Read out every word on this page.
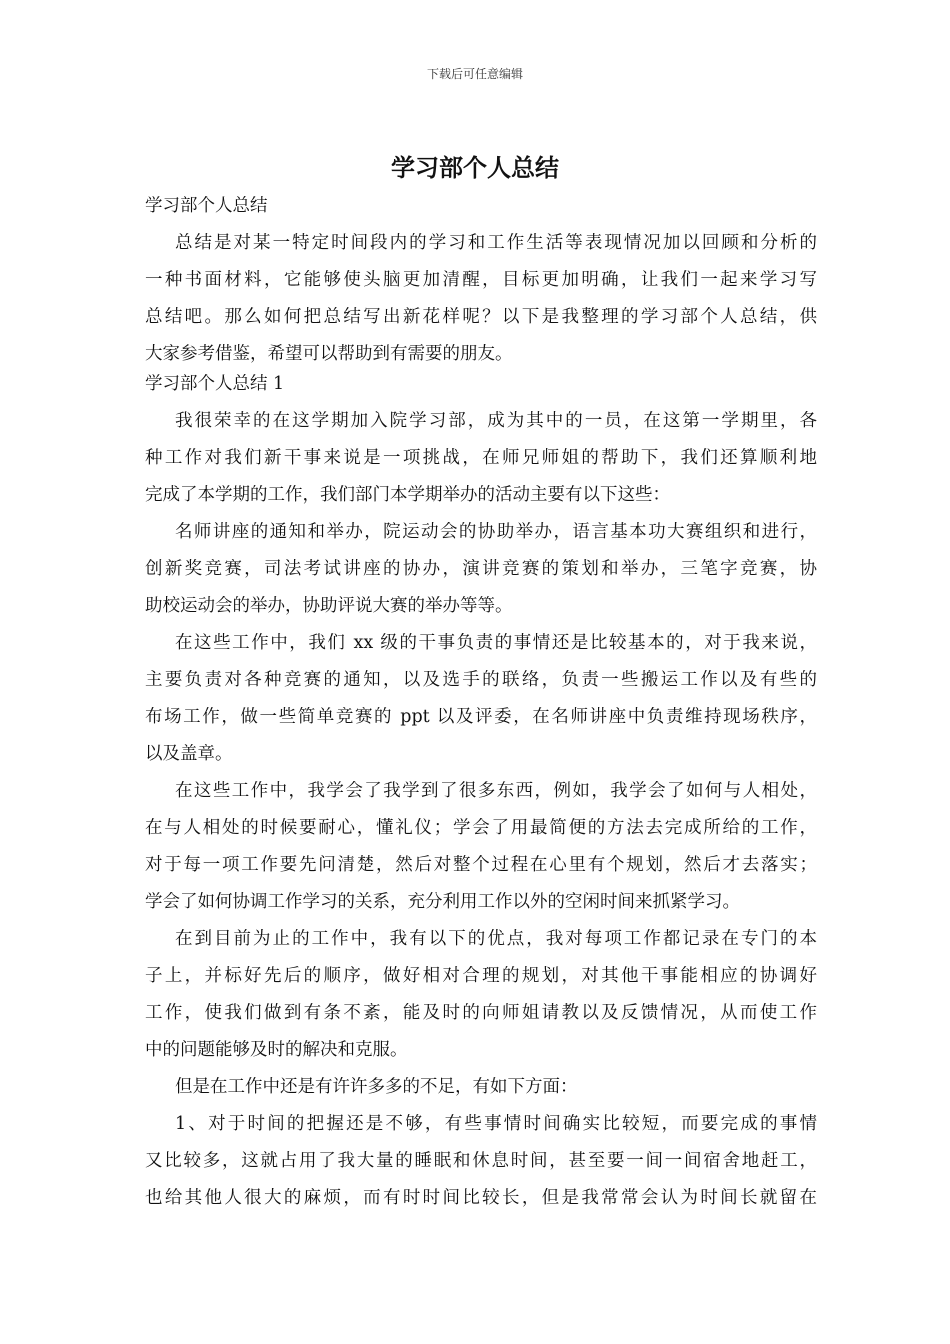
下载后可任意编辑
学习部个人总结
学习部个人总结
总结是对某一特定时间段内的学习和工作生活等表现情况加以回顾和分析的
一种书面材料，它能够使头脑更加清醒，目标更加明确，让我们一起来学习写
总结吧。那么如何把总结写出新花样呢？以下是我整理的学习部个人总结，供
大家参考借鉴，希望可以帮助到有需要的朋友。
学习部个人总结 1
我很荣幸的在这学期加入院学习部，成为其中的一员，在这第一学期里，各
种工作对我们新干事来说是一项挑战，在师兄师姐的帮助下，我们还算顺利地
完成了本学期的工作，我们部门本学期举办的活动主要有以下这些：
名师讲座的通知和举办，院运动会的协助举办，语言基本功大赛组织和进行，
创新奖竞赛，司法考试讲座的协办，演讲竞赛的策划和举办，三笔字竞赛，协
助校运动会的举办，协助评说大赛的举办等等。
在这些工作中，我们 xx 级的干事负责的事情还是比较基本的，对于我来说，
主要负责对各种竞赛的通知，以及选手的联络，负责一些搬运工作以及有些的
布场工作，做一些简单竞赛的 ppt 以及评委，在名师讲座中负责维持现场秩序，
以及盖章。
在这些工作中，我学会了我学到了很多东西，例如，我学会了如何与人相处，
在与人相处的时候要耐心，懂礼仪；学会了用最简便的方法去完成所给的工作，
对于每一项工作要先问清楚，然后对整个过程在心里有个规划，然后才去落实；
学会了如何协调工作学习的关系，充分利用工作以外的空闲时间来抓紧学习。
在到目前为止的工作中，我有以下的优点，我对每项工作都记录在专门的本
子上，并标好先后的顺序，做好相对合理的规划，对其他干事能相应的协调好
工作，使我们做到有条不紊，能及时的向师姐请教以及反馈情况，从而使工作
中的问题能够及时的解决和克服。
但是在工作中还是有许许多多的不足，有如下方面：
1、对于时间的把握还是不够，有些事情时间确实比较短，而要完成的事情
又比较多，这就占用了我大量的睡眠和休息时间，甚至要一间一间宿舍地赶工，
也给其他人很大的麻烦，而有时时间比较长，但是我常常会认为时间长就留在
